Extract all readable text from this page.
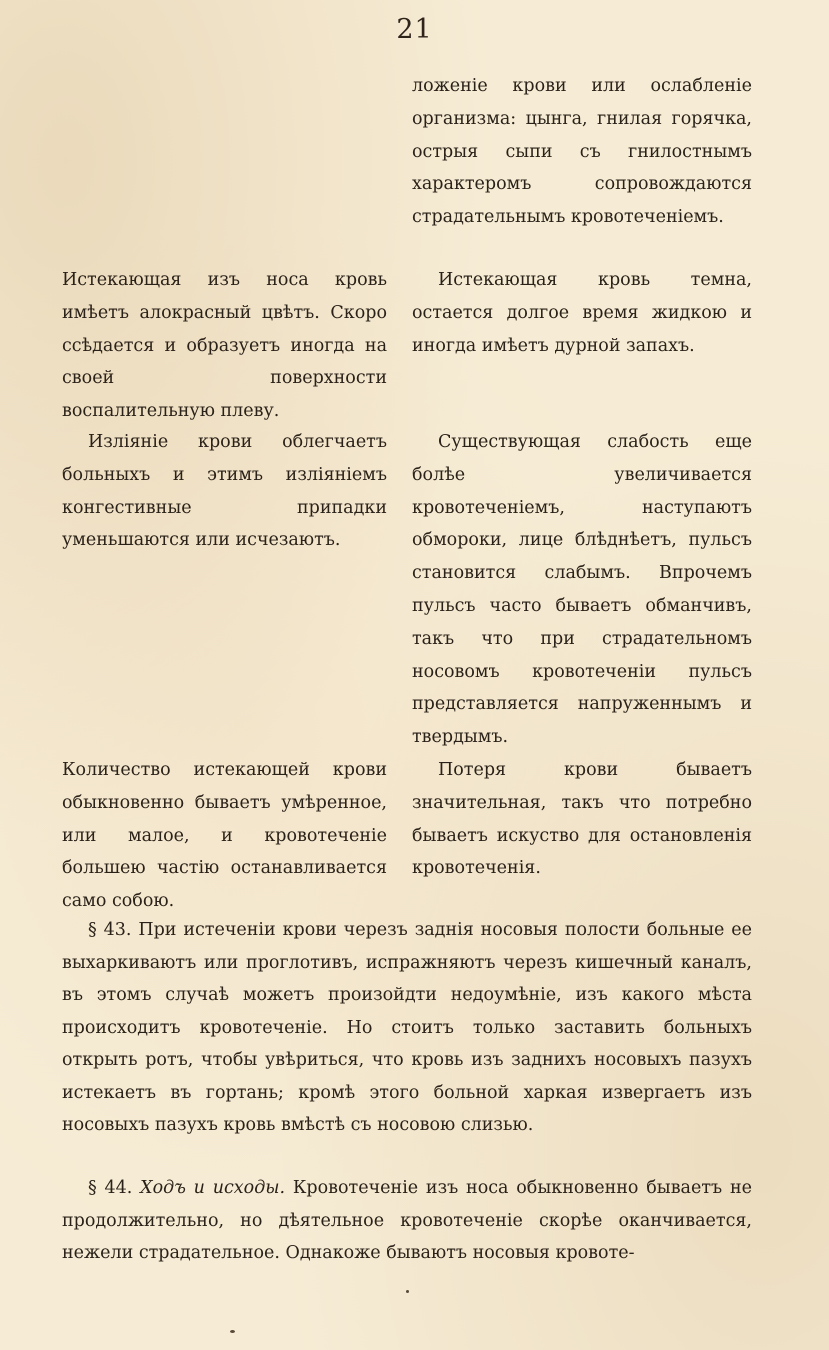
21

ложеніе крови или ослабленіе организма: цынга, гнилая горячка, острыя сыпи съ гнилостнымъ характеромъ сопровождаются страдательнымъ кровотеченіемъ.

Истекающая кровь темна, остается долгое время жидкою и иногда имѣетъ дурной запахъ.

Существующая слабость еще болѣе увеличивается кровотеченіемъ, наступаютъ обмороки, лице блѣднѣетъ, пульсъ становится слабымъ. Впрочемъ пульсъ часто бываетъ обманчивъ, такъ что при страдательномъ носовомъ кровотеченіи пульсъ представляется напруженнымъ и твердымъ.

Потеря крови бываетъ значительная, такъ что потребно бываетъ искуство для остановленія кровотеченія.

Истекающая изъ носа кровь имѣетъ алокрасный цвѣтъ. Скоро ссѣдается и образуетъ иногда на своей поверхности воспалительную плеву.

Изліяніе крови облегчаетъ больныхъ и этимъ изліяніемъ конгестивные припадки уменьшаются или исчезаютъ.

Количество истекающей крови обыкновенно бываетъ умѣренное, или малое, и кровотеченіе большею частію останавливается само собою.

§ 43. При истеченіи крови черезъ заднія носовыя полости больные ее выхаркиваютъ или проглотивъ, испражняютъ черезъ кишечный каналъ, въ этомъ случаѣ можетъ произойдти недоумѣніе, изъ какого мѣста происходитъ кровотеченіе. Но стоитъ только заставить больныхъ открыть ротъ, чтобы увѣриться, что кровь изъ заднихъ носовыхъ пазухъ истекаетъ въ гортань; кромѣ этого больной харкая извергаетъ изъ носовыхъ пазухъ кровь вмѣстѣ съ носовою слизью.

§ 44. Ходъ и исходы. Кровотеченіе изъ носа обыкновенно бываетъ не продолжительно, но дѣятельное кровотеченіе скорѣе оканчивается, нежели страдательное. Однакоже бываютъ носовыя кровоте-
